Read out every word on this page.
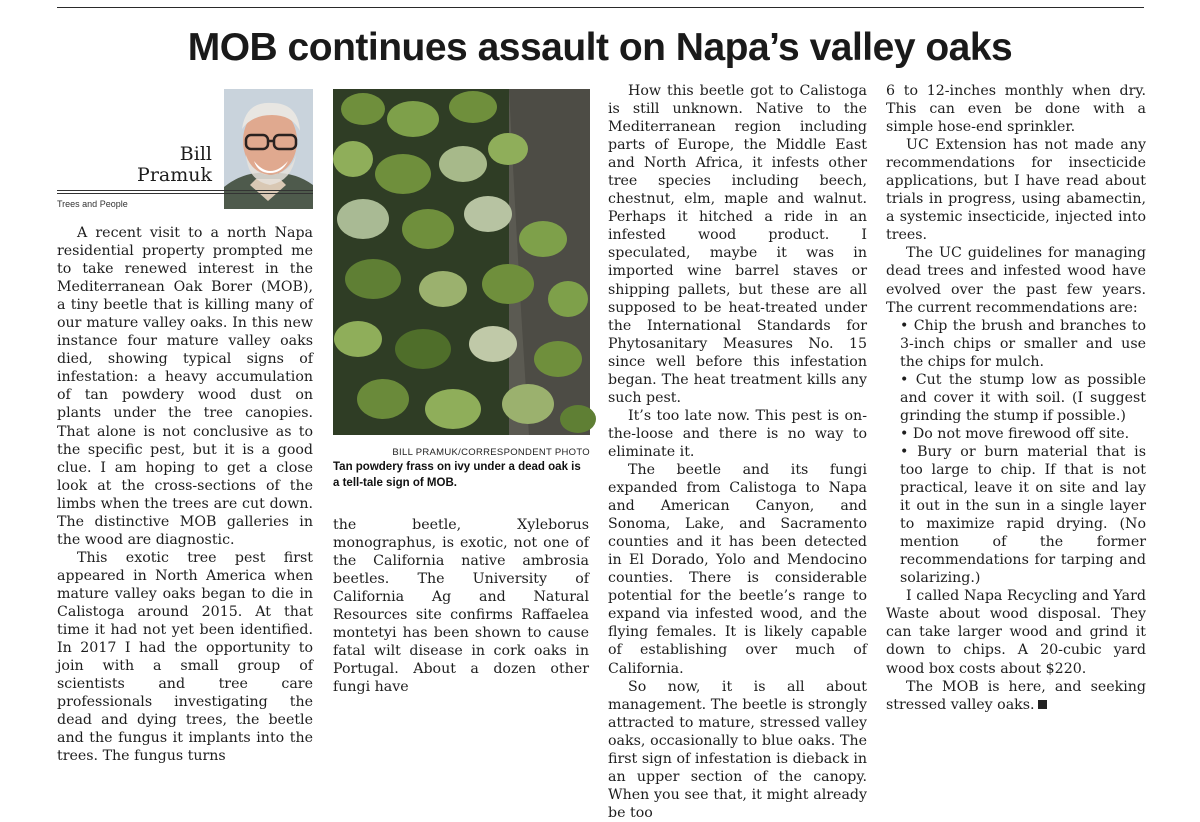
MOB continues assault on Napa’s valley oaks
Bill
Pramuk
Trees and People

A recent visit to a north Napa residential property prompted me to take renewed interest in the Mediterranean Oak Borer (MOB), a tiny beetle that is killing many of our mature valley oaks. In this new instance four mature valley oaks died, showing typical signs of infestation: a heavy accumulation of tan powdery wood dust on plants under the tree canopies. That alone is not conclusive as to the specific pest, but it is a good clue. I am hoping to get a close look at the cross-sections of the limbs when the trees are cut down. The distinctive MOB galleries in the wood are diagnostic.

This exotic tree pest first appeared in North America when mature valley oaks began to die in Calistoga around 2015. At that time it had not yet been identified. In 2017 I had the opportunity to join with a small group of scientists and tree care professionals investigating the dead and dying trees, the beetle and the fungus it implants into the trees. The fungus turns

BILL PRAMUK/CORRESPONDENT PHOTO
Tan powdery frass on ivy under a dead oak is a tell-tale sign of MOB.

the beetle, Xyleborus monographus, is exotic, not one of the California native ambrosia beetles. The University of California Ag and Natural Resources site confirms Raffaelea montetyi has been shown to cause fatal wilt disease in cork oaks in Portugal. About a dozen other fungi have

How this beetle got to Calistoga is still unknown. Native to the Mediterranean region including parts of Europe, the Middle East and North Africa, it infests other tree species including beech, chestnut, elm, maple and walnut. Perhaps it hitched a ride in an infested wood product. I speculated, maybe it was in imported wine barrel staves or shipping pallets, but these are all supposed to be heat-treated under the International Standards for Phytosanitary Measures No. 15 since well before this infestation began. The heat treatment kills any such pest.

It’s too late now. This pest is on-the-loose and there is no way to eliminate it.

The beetle and its fungi expanded from Calistoga to Napa and American Canyon, and Sonoma, Lake, and Sacramento counties and it has been detected in El Dorado, Yolo and Mendocino counties. There is considerable potential for the beetle’s range to expand via infested wood, and the flying females. It is likely capable of establishing over much of California.

So now, it is all about management. The beetle is strongly attracted to mature, stressed valley oaks, occasionally to blue oaks. The first sign of infestation is dieback in an upper section of the canopy. When you see that, it might already be too

6 to 12-inches monthly when dry. This can even be done with a simple hose-end sprinkler.

UC Extension has not made any recommendations for insecticide applications, but I have read about trials in progress, using abamectin, a systemic insecticide, injected into trees.

The UC guidelines for managing dead trees and infested wood have evolved over the past few years. The current recommendations are:

• Chip the brush and branches to 3-inch chips or smaller and use the chips for mulch.

• Cut the stump low as possible and cover it with soil. (I suggest grinding the stump if possible.)

• Do not move firewood off site.

• Bury or burn material that is too large to chip. If that is not practical, leave it on site and lay it out in the sun in a single layer to maximize rapid drying. (No mention of the former recommendations for tarping and solarizing.)

I called Napa Recycling and Yard Waste about wood disposal. They can take larger wood and grind it down to chips. A 20-cubic yard wood box costs about $220.

The MOB is here, and seeking stressed valley oaks.
